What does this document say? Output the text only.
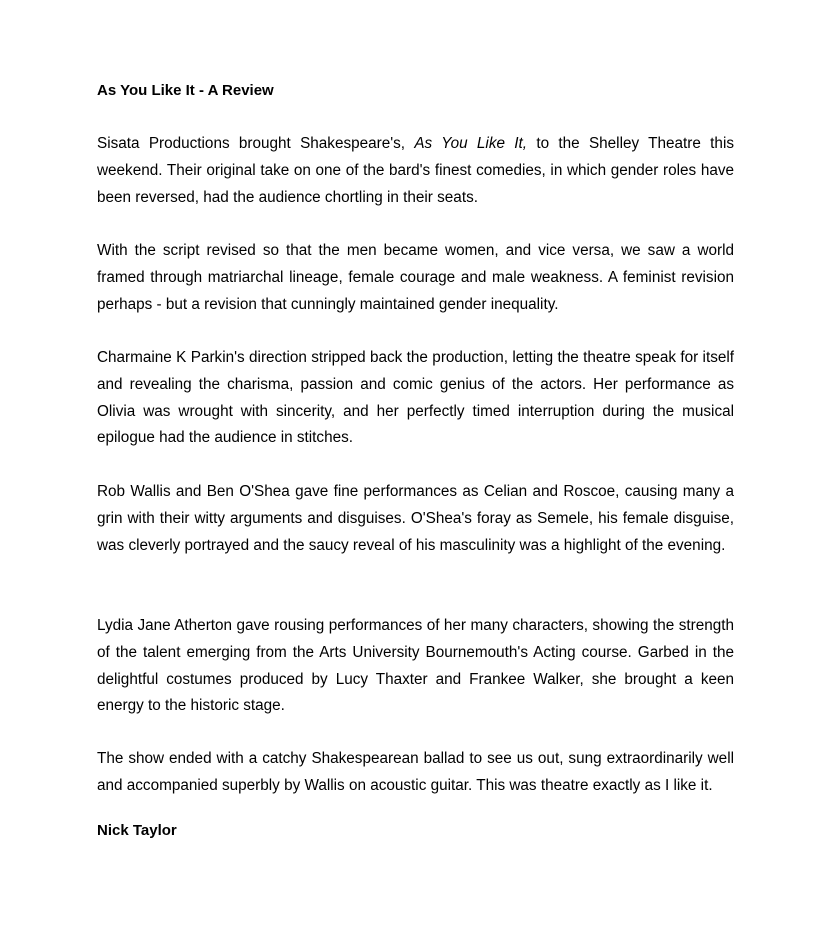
As You Like It - A Review

Sisata Productions brought Shakespeare's, As You Like It, to the Shelley Theatre this weekend. Their original take on one of the bard's finest comedies, in which gender roles have been reversed, had the audience chortling in their seats.

With the script revised so that the men became women, and vice versa, we saw a world framed through matriarchal lineage, female courage and male weakness. A feminist revision perhaps - but a revision that cunningly maintained gender inequality.

Charmaine K Parkin's direction stripped back the production, letting the theatre speak for itself and revealing the charisma, passion and comic genius of the actors. Her performance as Olivia was wrought with sincerity, and her perfectly timed interruption during the musical epilogue had the audience in stitches.

Rob Wallis and Ben O'Shea gave fine performances as Celian and Roscoe, causing many a grin with their witty arguments and disguises. O'Shea's foray as Semele, his female disguise, was cleverly portrayed and the saucy reveal of his masculinity was a highlight of the evening.

Lydia Jane Atherton gave rousing performances of her many characters, showing the strength of the talent emerging from the Arts University Bournemouth's Acting course. Garbed in the delightful costumes produced by Lucy Thaxter and Frankee Walker, she brought a keen energy to the historic stage.

The show ended with a catchy Shakespearean ballad to see us out, sung extraordinarily well and accompanied superbly by Wallis on acoustic guitar. This was theatre exactly as I like it.

Nick Taylor
